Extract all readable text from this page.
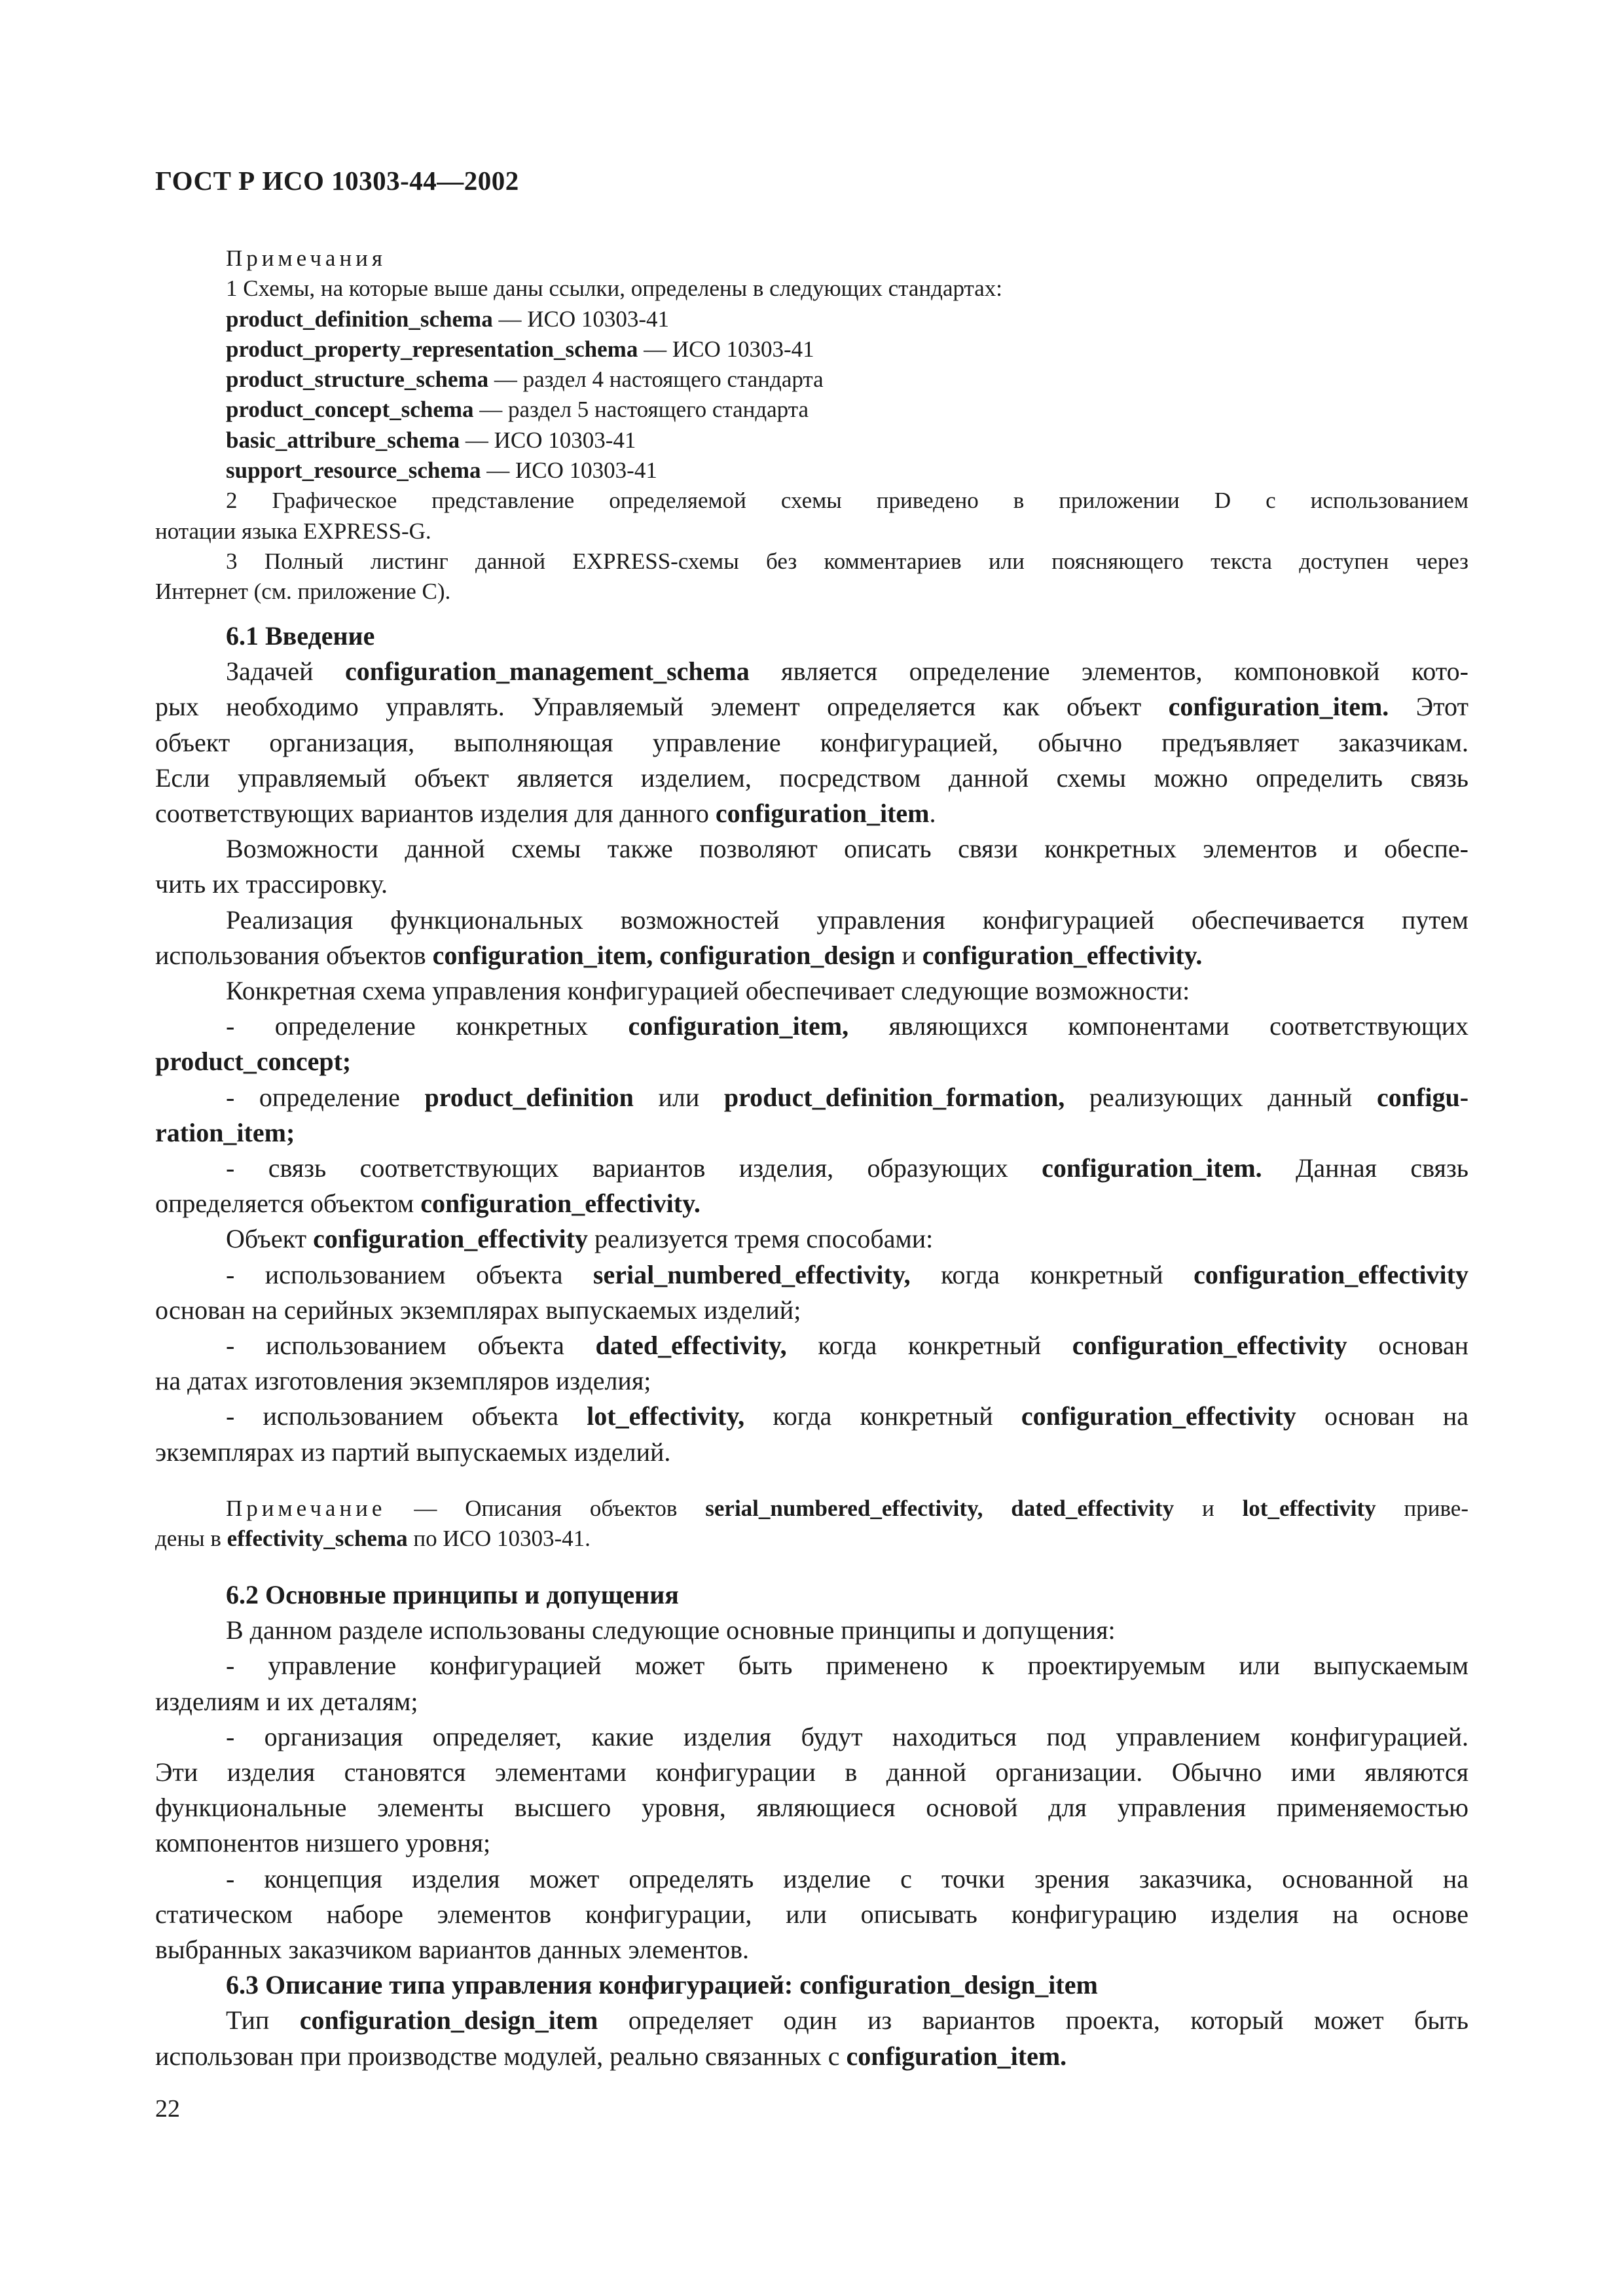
ГОСТ Р ИСО 10303-44—2002
Примечания
1 Схемы, на которые выше даны ссылки, определены в следующих стандартах:
product_definition_schema — ИСО 10303-41
product_property_representation_schema — ИСО 10303-41
product_structure_schema — раздел 4 настоящего стандарта
product_concept_schema — раздел 5 настоящего стандарта
basic_attribure_schema — ИСО 10303-41
support_resource_schema — ИСО 10303-41
2 Графическое представление определяемой схемы приведено в приложении D с использованием
нотации языка EXPRESS-G.
3 Полный листинг данной EXPRESS-схемы без комментариев или поясняющего текста доступен через
Интернет (см. приложение С).
6.1 Введение
Задачей configuration_management_schema является определение элементов, компоновкой кото-
рых необходимо управлять. Управляемый элемент определяется как объект configuration_item. Этот
объект организация, выполняющая управление конфигурацией, обычно предъявляет заказчикам.
Если управляемый объект является изделием, посредством данной схемы можно определить связь
соответствующих вариантов изделия для данного configuration_item.
Возможности данной схемы также позволяют описать связи конкретных элементов и обеспе-
чить их трассировку.
Реализация функциональных возможностей управления конфигурацией обеспечивается путем
использования объектов configuration_item, configuration_design и configuration_effectivity.
Конкретная схема управления конфигурацией обеспечивает следующие возможности:
- определение конкретных configuration_item, являющихся компонентами соответствующих
product_concept;
- определение product_definition или product_definition_formation, реализующих данный configu-
ration_item;
- связь соответствующих вариантов изделия, образующих configuration_item. Данная связь
определяется объектом configuration_effectivity.
Объект configuration_effectivity реализуется тремя способами:
- использованием объекта serial_numbered_effectivity, когда конкретный configuration_effectivity
основан на серийных экземплярах выпускаемых изделий;
- использованием объекта dated_effectivity, когда конкретный configuration_effectivity основан
на датах изготовления экземпляров изделия;
- использованием объекта lot_effectivity, когда конкретный configuration_effectivity основан на
экземплярах из партий выпускаемых изделий.
Примечание — Описания объектов serial_numbered_effectivity, dated_effectivity и lot_effectivity приве-
дены в effectivity_schema по ИСО 10303-41.
6.2 Основные принципы и допущения
В данном разделе использованы следующие основные принципы и допущения:
- управление конфигурацией может быть применено к проектируемым или выпускаемым
изделиям и их деталям;
- организация определяет, какие изделия будут находиться под управлением конфигурацией.
Эти изделия становятся элементами конфигурации в данной организации. Обычно ими являются
функциональные элементы высшего уровня, являющиеся основой для управления применяемостью
компонентов низшего уровня;
- концепция изделия может определять изделие с точки зрения заказчика, основанной на
статическом наборе элементов конфигурации, или описывать конфигурацию изделия на основе
выбранных заказчиком вариантов данных элементов.
6.3 Описание типа управления конфигурацией: configuration_design_item
Тип configuration_design_item определяет один из вариантов проекта, который может быть
использован при производстве модулей, реально связанных с configuration_item.
22
